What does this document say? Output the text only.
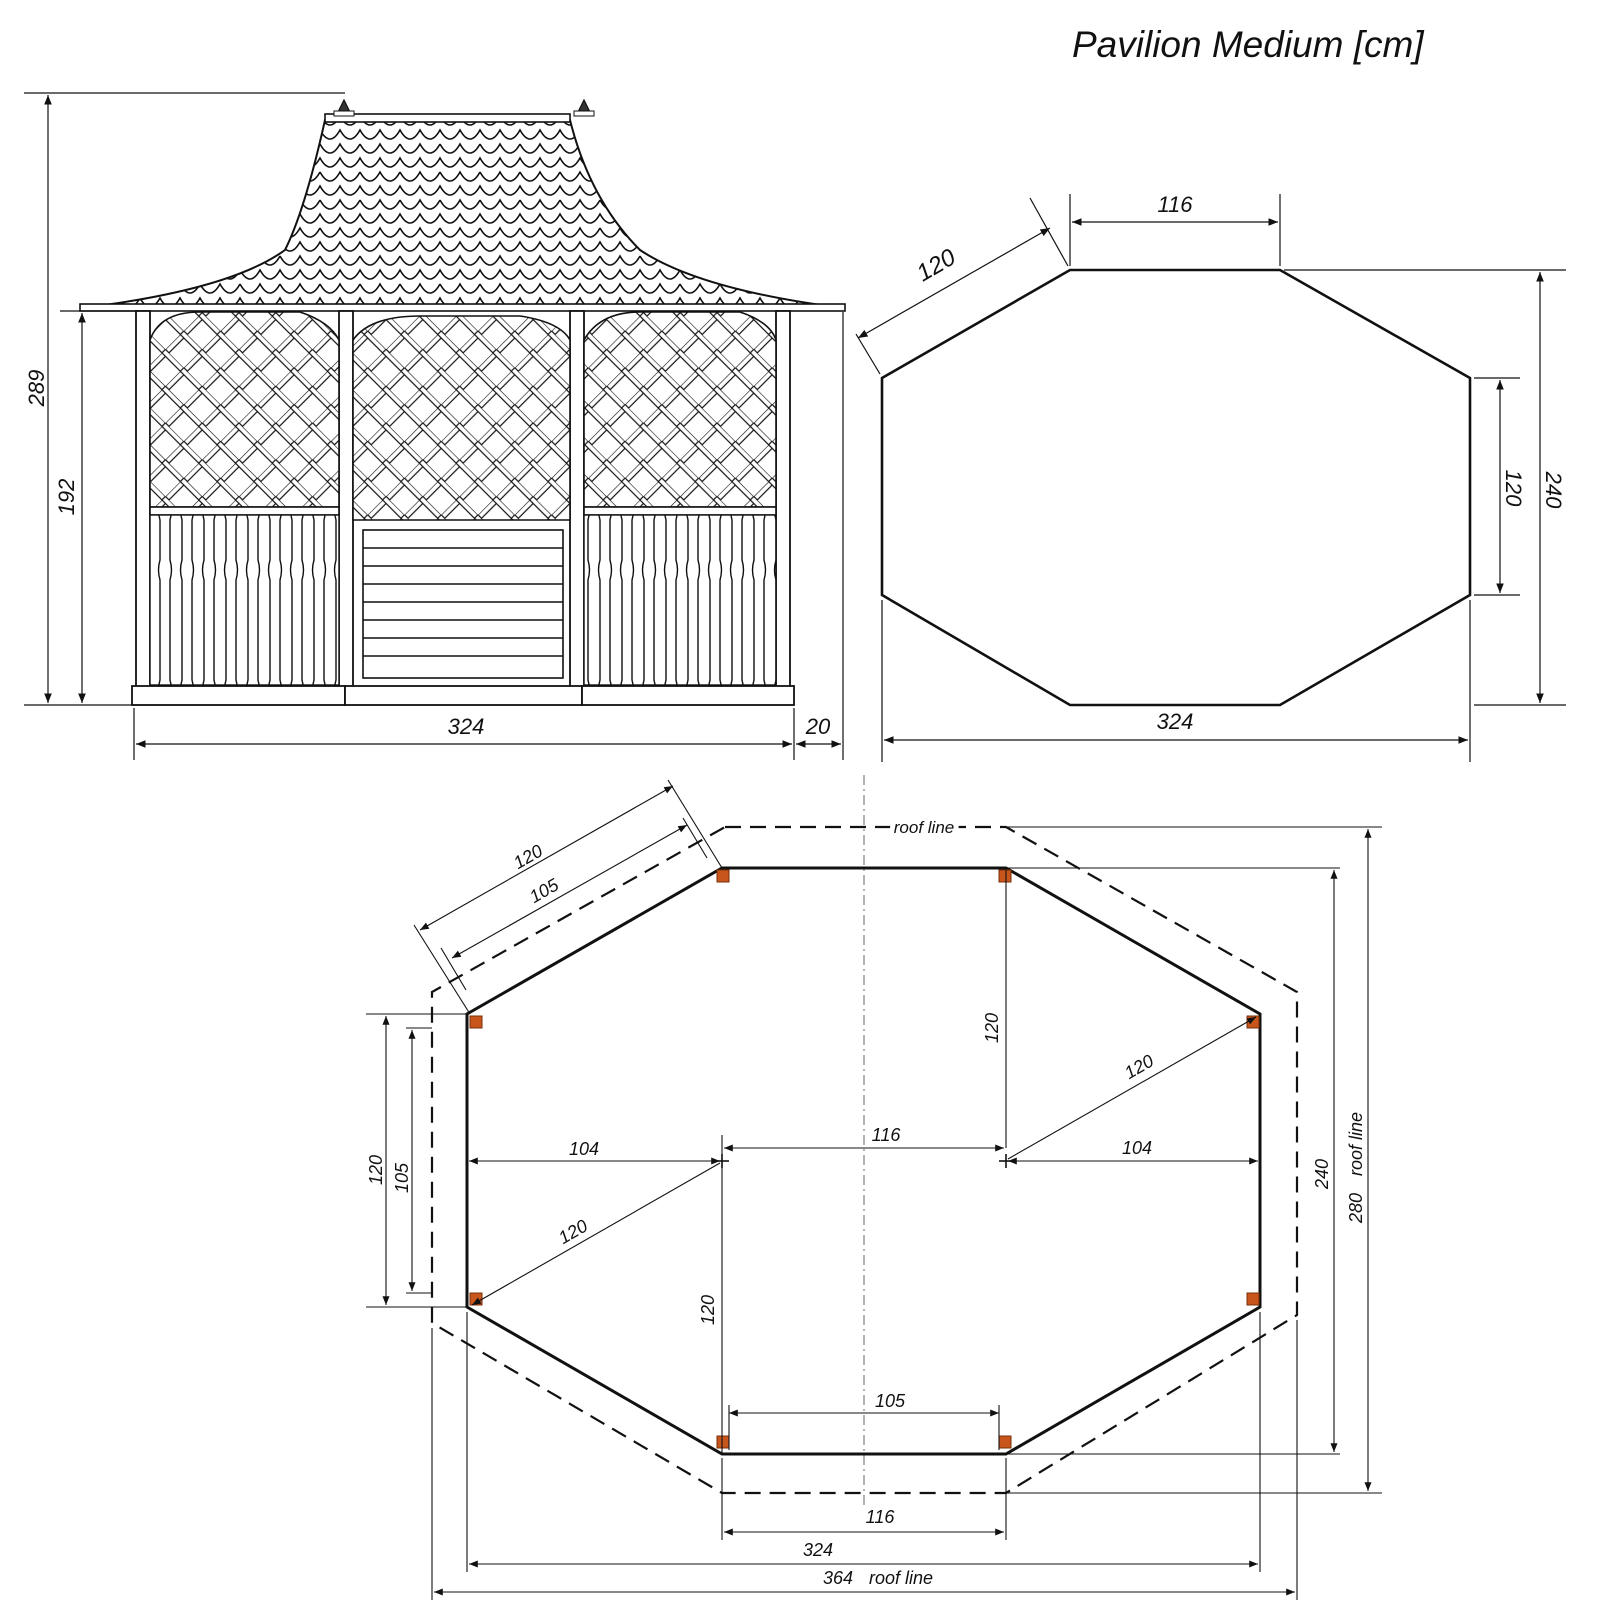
Pavilion Medium [cm]
289
192
324	20
116
120
120 240
324
roof line
120
105
120 105
104
116
104
120
120
120
120
105
116
324
364 roof line
240
280
roof line
